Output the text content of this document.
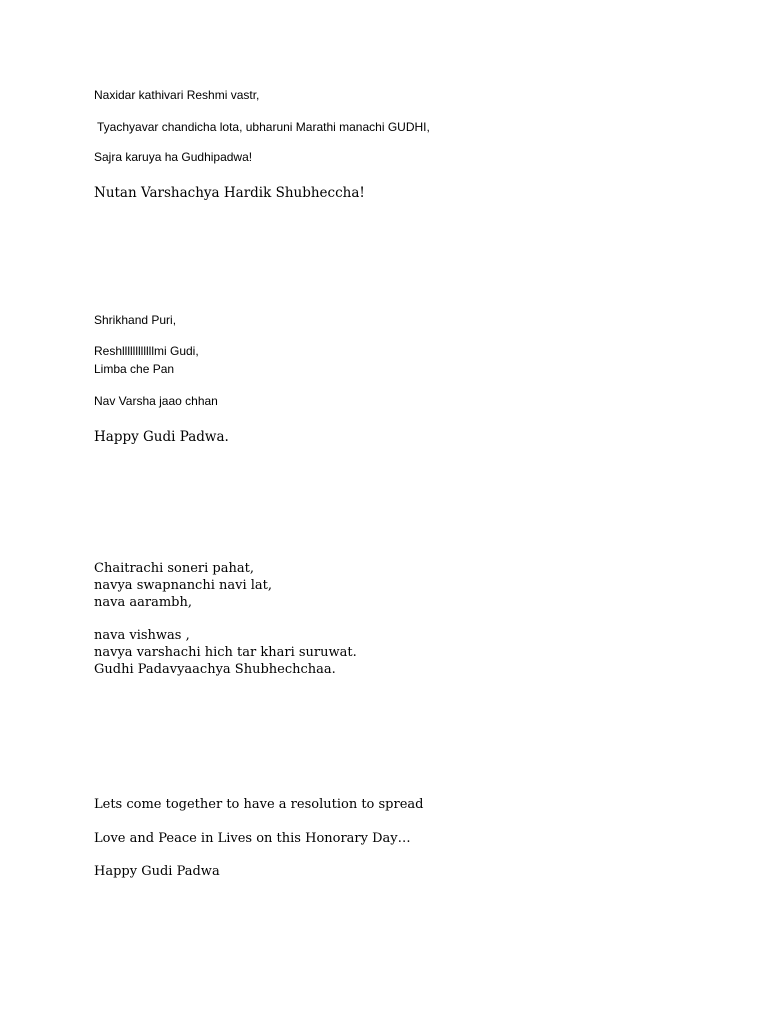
Naxidar kathivari Reshmi vastr,
Tyachyavar chandicha lota, ubharuni Marathi manachi GUDHI,
Sajra karuya ha Gudhipadwa!
Nutan Varshachya Hardik Shubheccha!
Shrikhand Puri,
Reshllllllllllllmi Gudi,
Limba che Pan
Nav Varsha jaao chhan
Happy Gudi Padwa.
Chaitrachi soneri pahat,
navya swapnanchi navi lat,
nava aarambh,
nava vishwas ,
navya varshachi hich tar khari suruwat.
Gudhi Padavyaachya Shubhechchaa.
Lets come together to have a resolution to spread
Love and Peace in Lives on this Honorary Day…
Happy Gudi Padwa
